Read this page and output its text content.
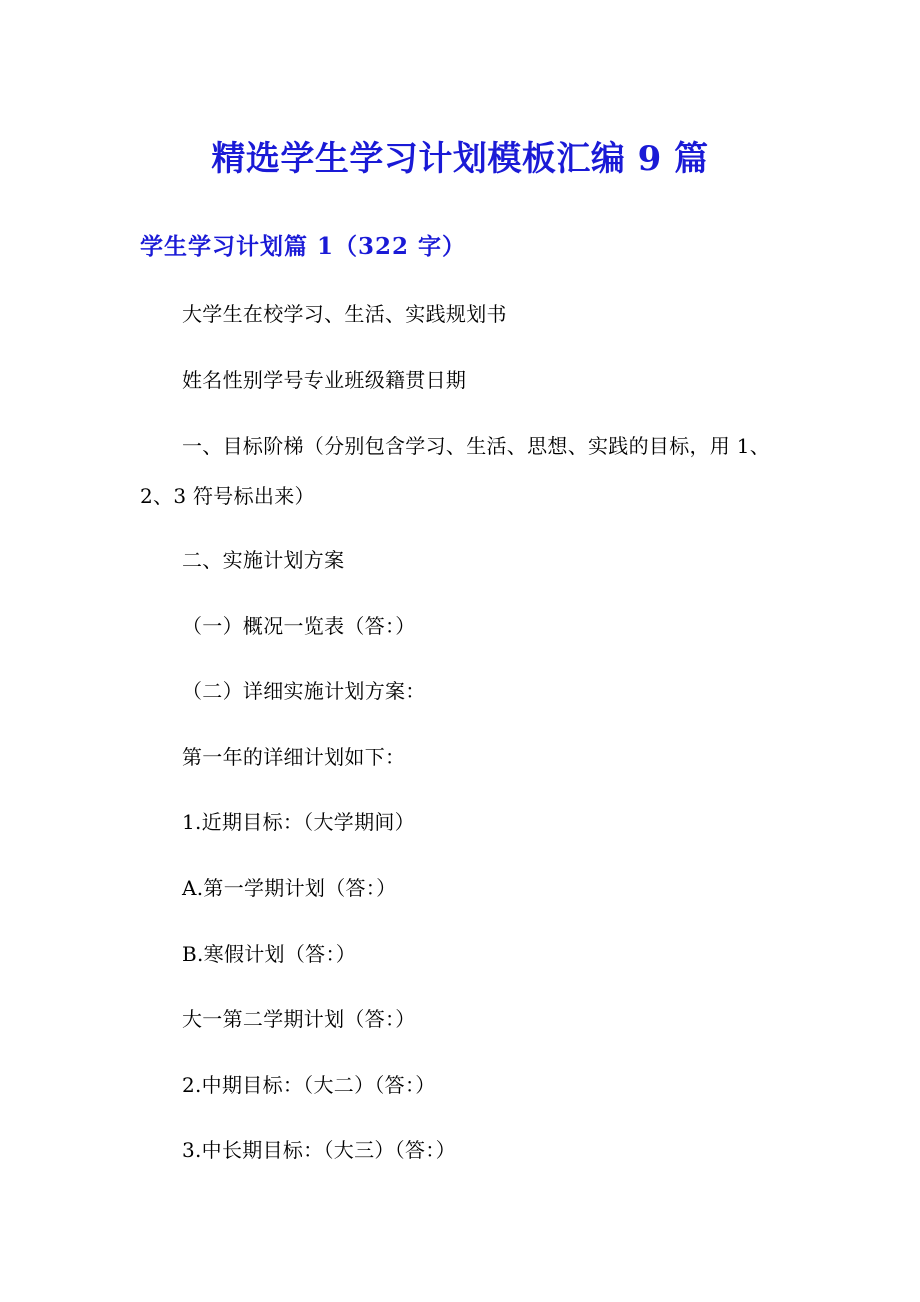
精选学生学习计划模板汇编 9 篇
学生学习计划篇 1（322 字）

大学生在校学习、生活、实践规划书

姓名性别学号专业班级籍贯日期

一、目标阶梯（分别包含学习、生活、思想、实践的目标，用 1、2、3 符号标出来）

二、实施计划方案

（一）概况一览表（答：）

（二）详细实施计划方案：

第一年的详细计划如下：

1.近期目标：（大学期间）

A.第一学期计划（答：）

B.寒假计划（答：）

大一第二学期计划（答：）

2.中期目标：（大二）（答：）

3.中长期目标：（大三）（答：）
